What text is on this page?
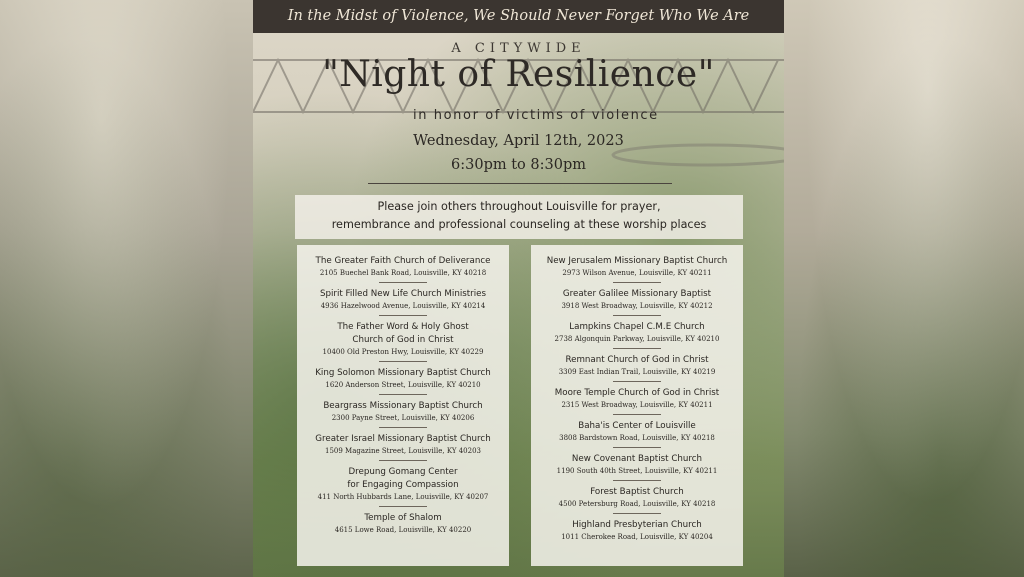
In the Midst of Violence, We Should Never Forget Who We Are
A CITYWIDE
"Night of Resilience"
in honor of victims of violence
Wednesday, April 12th, 2023
6:30pm to 8:30pm
Please join others throughout Louisville for prayer,
remembrance and professional counseling at these worship places
The Greater Faith Church of Deliverance
2105 Buechel Bank Road, Louisville, KY 40218
Spirit Filled New Life Church Ministries
4936 Hazelwood Avenue, Louisville, KY 40214
The Father Word & Holy Ghost
Church of God in Christ
10400 Old Preston Hwy, Louisville, KY 40229
King Solomon Missionary Baptist Church
1620 Anderson Street, Louisville, KY 40210
Beargrass Missionary Baptist Church
2300 Payne Street, Louisville, KY 40206
Greater Israel Missionary Baptist Church
1509 Magazine Street, Louisville, KY 40203
Drepung Gomang Center
for Engaging Compassion
411 North Hubbards Lane, Louisville, KY 40207
Temple of Shalom
4615 Lowe Road, Louisville, KY 40220
New Jerusalem Missionary Baptist Church
2973 Wilson Avenue, Louisville, KY 40211
Greater Galilee Missionary Baptist
3918 West Broadway, Louisville, KY 40212
Lampkins Chapel C.M.E Church
2738 Algonquin Parkway, Louisville, KY 40210
Remnant Church of God in Christ
3309 East Indian Trail, Louisville, KY 40219
Moore Temple Church of God in Christ
2315 West Broadway, Louisville, KY 40211
Baha'is Center of Louisville
3808 Bardstown Road, Louisville, KY 40218
New Covenant Baptist Church
1190 South 40th Street, Louisville, KY 40211
Forest Baptist Church
4500 Petersburg Road, Louisville, KY 40218
Highland Presbyterian Church
1011 Cherokee Road, Louisville, KY 40204
